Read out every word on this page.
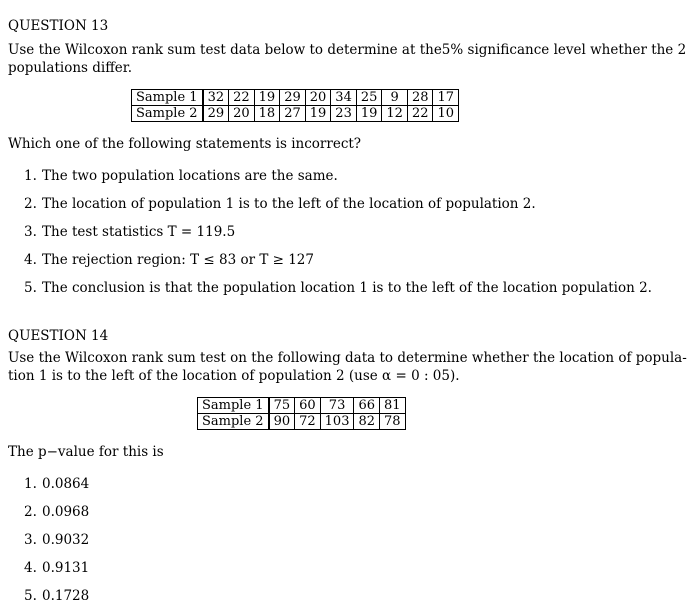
QUESTION 13
Use the Wilcoxon rank sum test data below to determine at the5% significance level whether the 2
populations differ.
Sample 1	32	22	19	29	20	34	25	9	28	17
Sample 2	29	20	18	27	19	23	19	12	22	10
Which one of the following statements is incorrect?
1. The two population locations are the same.
2. The location of population 1 is to the left of the location of population 2.
3. The test statistics T = 119.5
4. The rejection region: T ≤ 83 or T ≥ 127
5. The conclusion is that the population location 1 is to the left of the location population 2.
QUESTION 14
Use the Wilcoxon rank sum test on the following data to determine whether the location of popula-
tion 1 is to the left of the location of population 2 (use α = 0 : 05).
Sample 1	75	60	73	66	81
Sample 2	90	72	103	82	78
The p−value for this is
1. 0.0864
2. 0.0968
3. 0.9032
4. 0.9131
5. 0.1728
